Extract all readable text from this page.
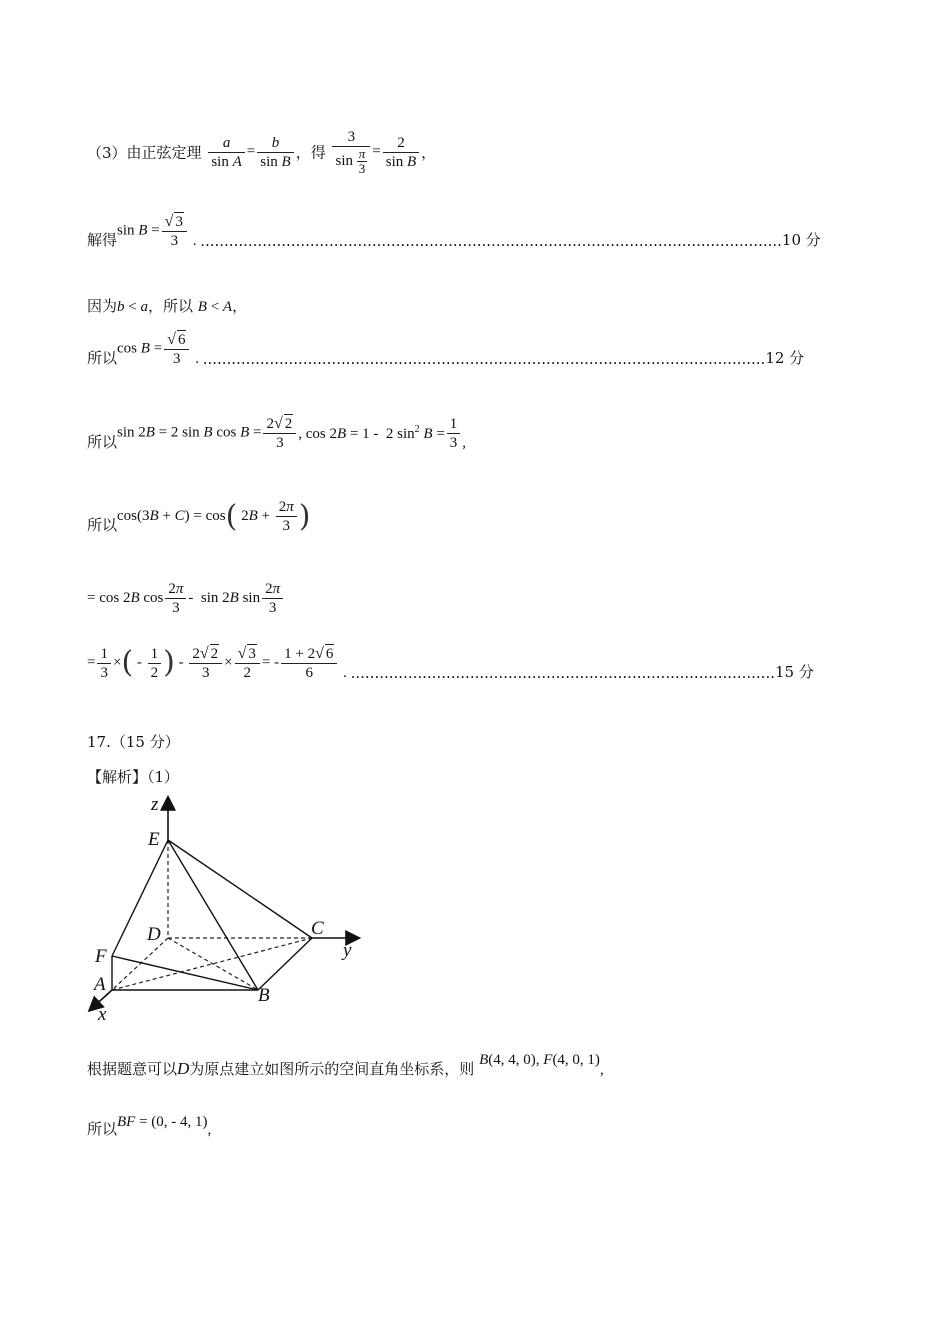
（3）由正弦定理 $\frac{a}{\text{sin A}} = \frac{b}{\text{sin B}}$ ，得 $\frac{3}{\sin \frac{\pi}{3}} = \frac{2}{\text{sin B}}$ ，
解得$\sin B = \frac{√ 3}{3}$ . ..........................................................................................................................10 分
因为b < a，所以 B < A，
所以$\cos B = \frac{√ 6}{3}$ . ......................................................................................................................12 分
所以sin 2B = 2 sin B $\cos B = \frac{2√ 2}{3}$ , cos 2B = 1 -  2 $\sin^2 B = \frac{1}{3}$ ,
所以cos(3B + C) = cos( $2B + \frac{2\pi}{3}$ )
= cos 2B $\cos \frac{2\pi}{3}$ -  sin 2B $\sin \frac{2\pi}{3}$
= $\frac{1}{3}$ ×( - $\frac{1}{2}$ ) - $\frac{2√ 2}{3} \times \frac{√ 3}{2}$ = - $\frac{1 + 2√ 6}{6}$ . .........................................................................................15 分
17.（15 分）
【解析】（1）
z
E
D	C
y
F
A
B
x
根据题意可以D为原点建立如图所示的空间直角坐标系，则 B(4, 4, 0), F(4, 0, 1),
所以BF = (0, - 4, 1),
